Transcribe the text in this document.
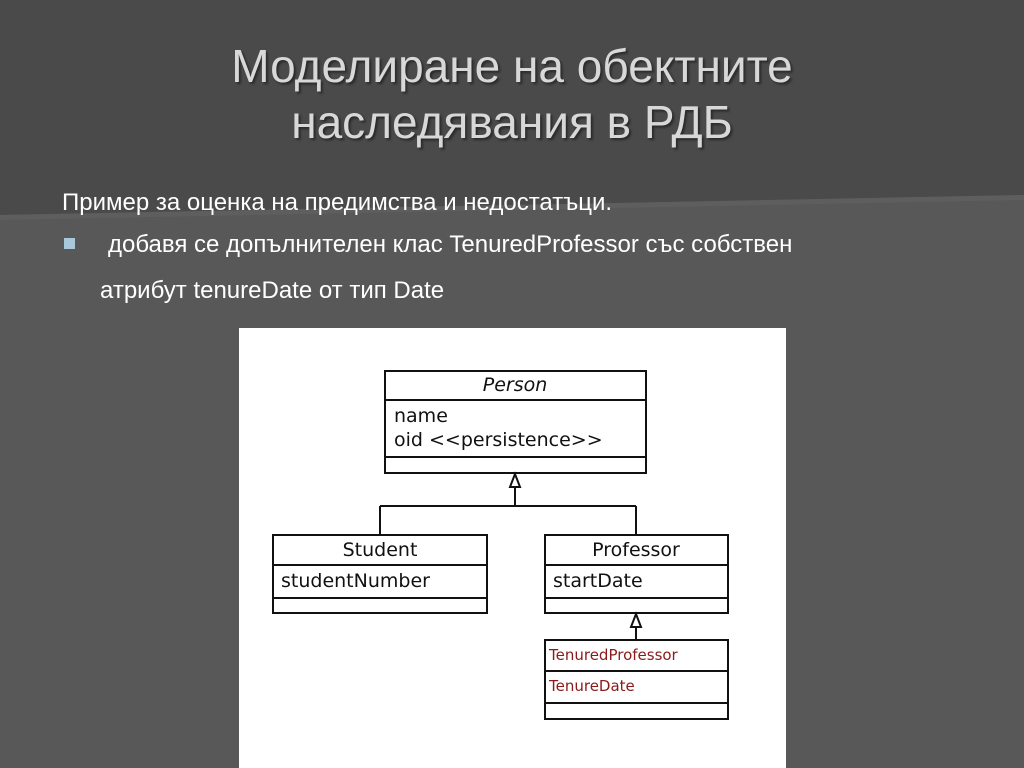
Моделиране на обектните
наследявания в РДБ
Пример за оценка на предимства и недостатъци.
добавя се допълнителен клас TenuredProfessor със собствен
атрибут tenureDate от тип Date
Person
name
oid <<persistence>>
Student
studentNumber
Professor
startDate
TenuredProfessor
TenureDate
